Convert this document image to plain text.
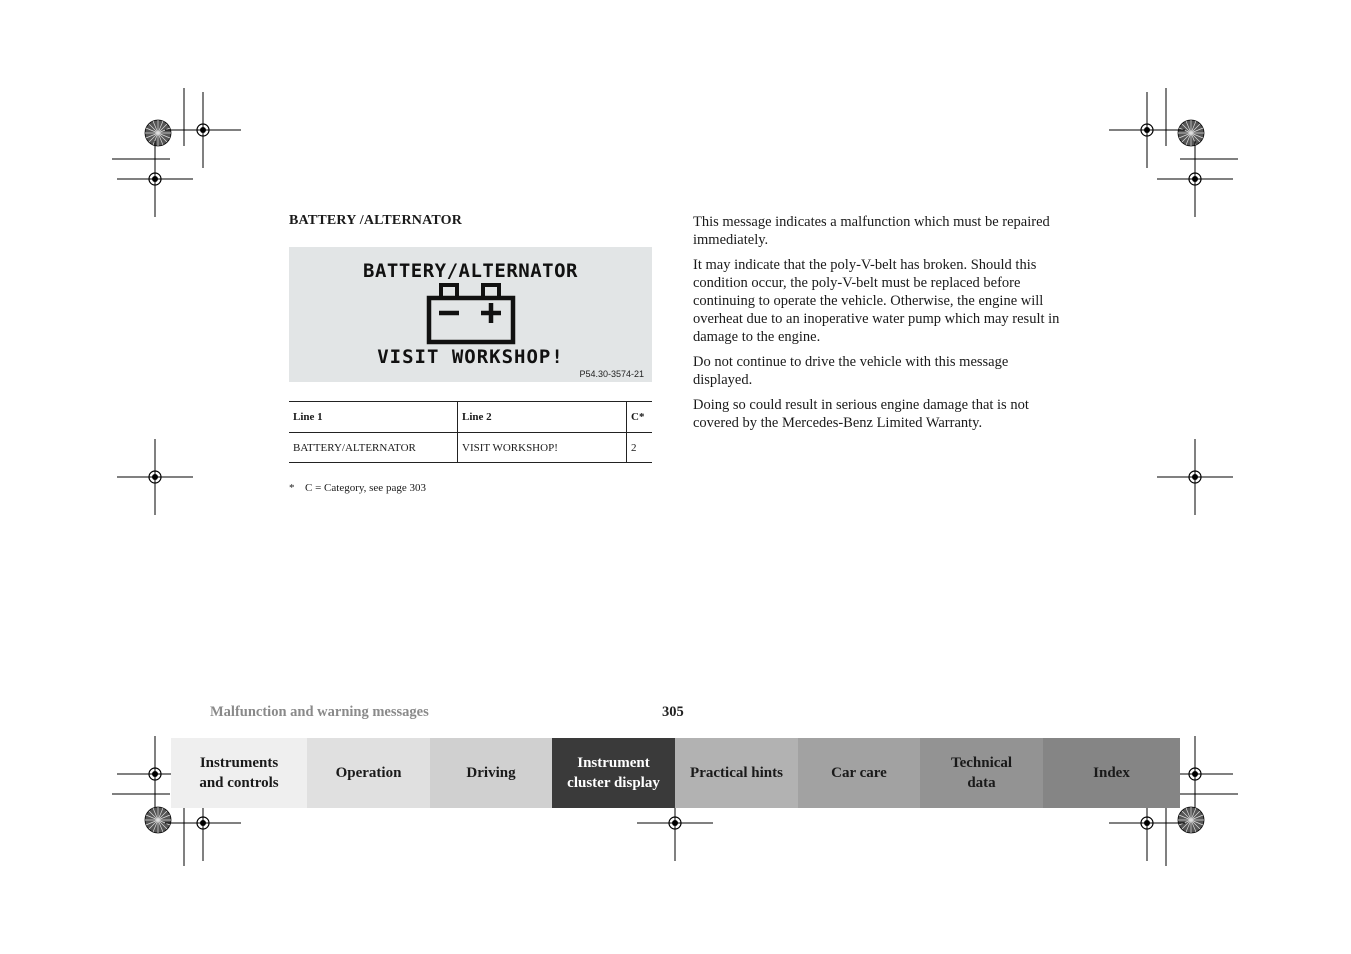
BATTERY /ALTERNATOR
BATTERY/ALTERNATOR
VISIT WORKSHOP!
P54.30-3574-21
Line 1	Line 2	C*
BATTERY/ALTERNATOR	VISIT WORKSHOP!	2
* C = Category, see page 303

This message indicates a malfunction which must be repaired immediately.

It may indicate that the poly-V-belt has broken. Should this condition occur, the poly-V-belt must be replaced before continuing to operate the vehicle. Otherwise, the engine will overheat due to an inoperative water pump which may result in damage to the engine.

Do not continue to drive the vehicle with this message displayed.

Doing so could result in serious engine damage that is not covered by the Mercedes-Benz Limited Warranty.

Malfunction and warning messages	305
Instruments
and controls
Operation	Driving
Instrument
cluster display
Practical hints	Car care
Technical
data
Index
